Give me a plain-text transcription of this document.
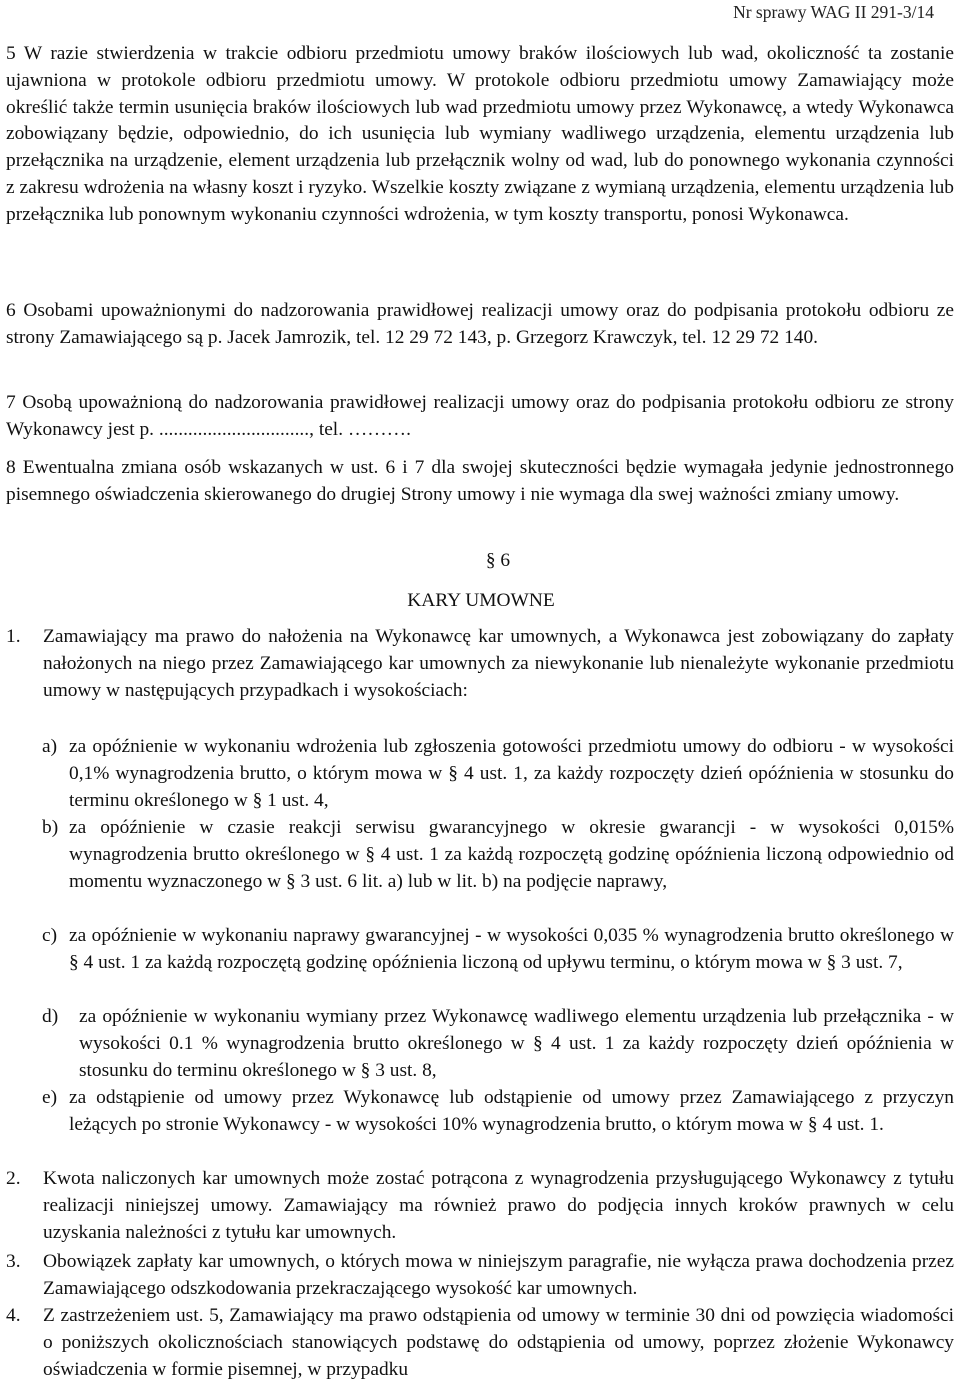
Nr sprawy WAG II 291-3/14
5 W razie stwierdzenia w trakcie odbioru przedmiotu umowy braków ilościowych lub wad, okoliczność ta zostanie ujawniona w protokole odbioru przedmiotu umowy. W protokole odbioru przedmiotu umowy Zamawiający może określić także termin usunięcia braków ilościowych lub wad przedmiotu umowy przez Wykonawcę, a wtedy Wykonawca zobowiązany będzie, odpowiednio, do ich usunięcia lub wymiany wadliwego urządzenia, elementu urządzenia lub przełącznika na urządzenie, element urządzenia lub przełącznik wolny od wad, lub do ponownego wykonania czynności z zakresu wdrożenia na własny koszt i ryzyko. Wszelkie koszty związane z wymianą urządzenia, elementu urządzenia lub przełącznika lub ponownym wykonaniu czynności wdrożenia, w tym koszty transportu, ponosi Wykonawca.
6 Osobami upoważnionymi do nadzorowania prawidłowej realizacji umowy oraz do podpisania protokołu odbioru ze strony Zamawiającego są p. Jacek Jamrozik, tel. 12 29 72 143, p. Grzegorz Krawczyk, tel. 12 29 72 140.
7 Osobą upoważnioną do nadzorowania prawidłowej realizacji umowy oraz do podpisania protokołu odbioru ze strony Wykonawcy jest p. ..............................., tel. ……….
8 Ewentualna zmiana osób wskazanych w ust. 6 i 7 dla swojej skuteczności będzie wymagała jedynie jednostronnego pisemnego oświadczenia skierowanego do drugiej Strony umowy i nie wymaga dla swej ważności zmiany umowy.
§ 6
KARY UMOWNE
1. Zamawiający ma prawo do nałożenia na Wykonawcę kar umownych, a Wykonawca jest zobowiązany do zapłaty nałożonych na niego przez Zamawiającego kar umownych za niewykonanie lub nienależyte wykonanie przedmiotu umowy w następujących przypadkach i wysokościach:
a) za opóźnienie w wykonaniu wdrożenia lub zgłoszenia gotowości przedmiotu umowy do odbioru - w wysokości 0,1% wynagrodzenia brutto, o którym mowa w § 4 ust. 1, za każdy rozpoczęty dzień opóźnienia w stosunku do terminu określonego w § 1 ust. 4,
b) za opóźnienie w czasie reakcji serwisu gwarancyjnego w okresie gwarancji - w wysokości 0,015% wynagrodzenia brutto określonego w § 4 ust. 1 za każdą rozpoczętą godzinę opóźnienia liczoną odpowiednio od momentu wyznaczonego w § 3 ust. 6 lit. a) lub w lit. b) na podjęcie naprawy,
c) za opóźnienie w wykonaniu naprawy gwarancyjnej - w wysokości 0,035 % wynagrodzenia brutto określonego w § 4 ust. 1 za każdą rozpoczętą godzinę opóźnienia liczoną od upływu terminu, o którym mowa w § 3 ust. 7,
d) za opóźnienie w wykonaniu wymiany przez Wykonawcę wadliwego elementu urządzenia lub przełącznika - w wysokości 0.1 % wynagrodzenia brutto określonego w § 4 ust. 1 za każdy rozpoczęty dzień opóźnienia w stosunku do terminu określonego w § 3 ust. 8,
e) za odstąpienie od umowy przez Wykonawcę lub odstąpienie od umowy przez Zamawiającego z przyczyn leżących po stronie Wykonawcy - w wysokości 10% wynagrodzenia brutto, o którym mowa w § 4 ust. 1.
2. Kwota naliczonych kar umownych może zostać potrącona z wynagrodzenia przysługującego Wykonawcy z tytułu realizacji niniejszej umowy. Zamawiający ma również prawo do podjęcia innych kroków prawnych w celu uzyskania należności z tytułu kar umownych.
3. Obowiązek zapłaty kar umownych, o których mowa w niniejszym paragrafie, nie wyłącza prawa dochodzenia przez Zamawiającego odszkodowania przekraczającego wysokość kar umownych.
4. Z zastrzeżeniem ust. 5, Zamawiający ma prawo odstąpienia od umowy w terminie 30 dni od powzięcia wiadomości o poniższych okolicznościach stanowiących podstawę do odstąpienia od umowy, poprzez złożenie Wykonawcy oświadczenia w formie pisemnej, w przypadku
